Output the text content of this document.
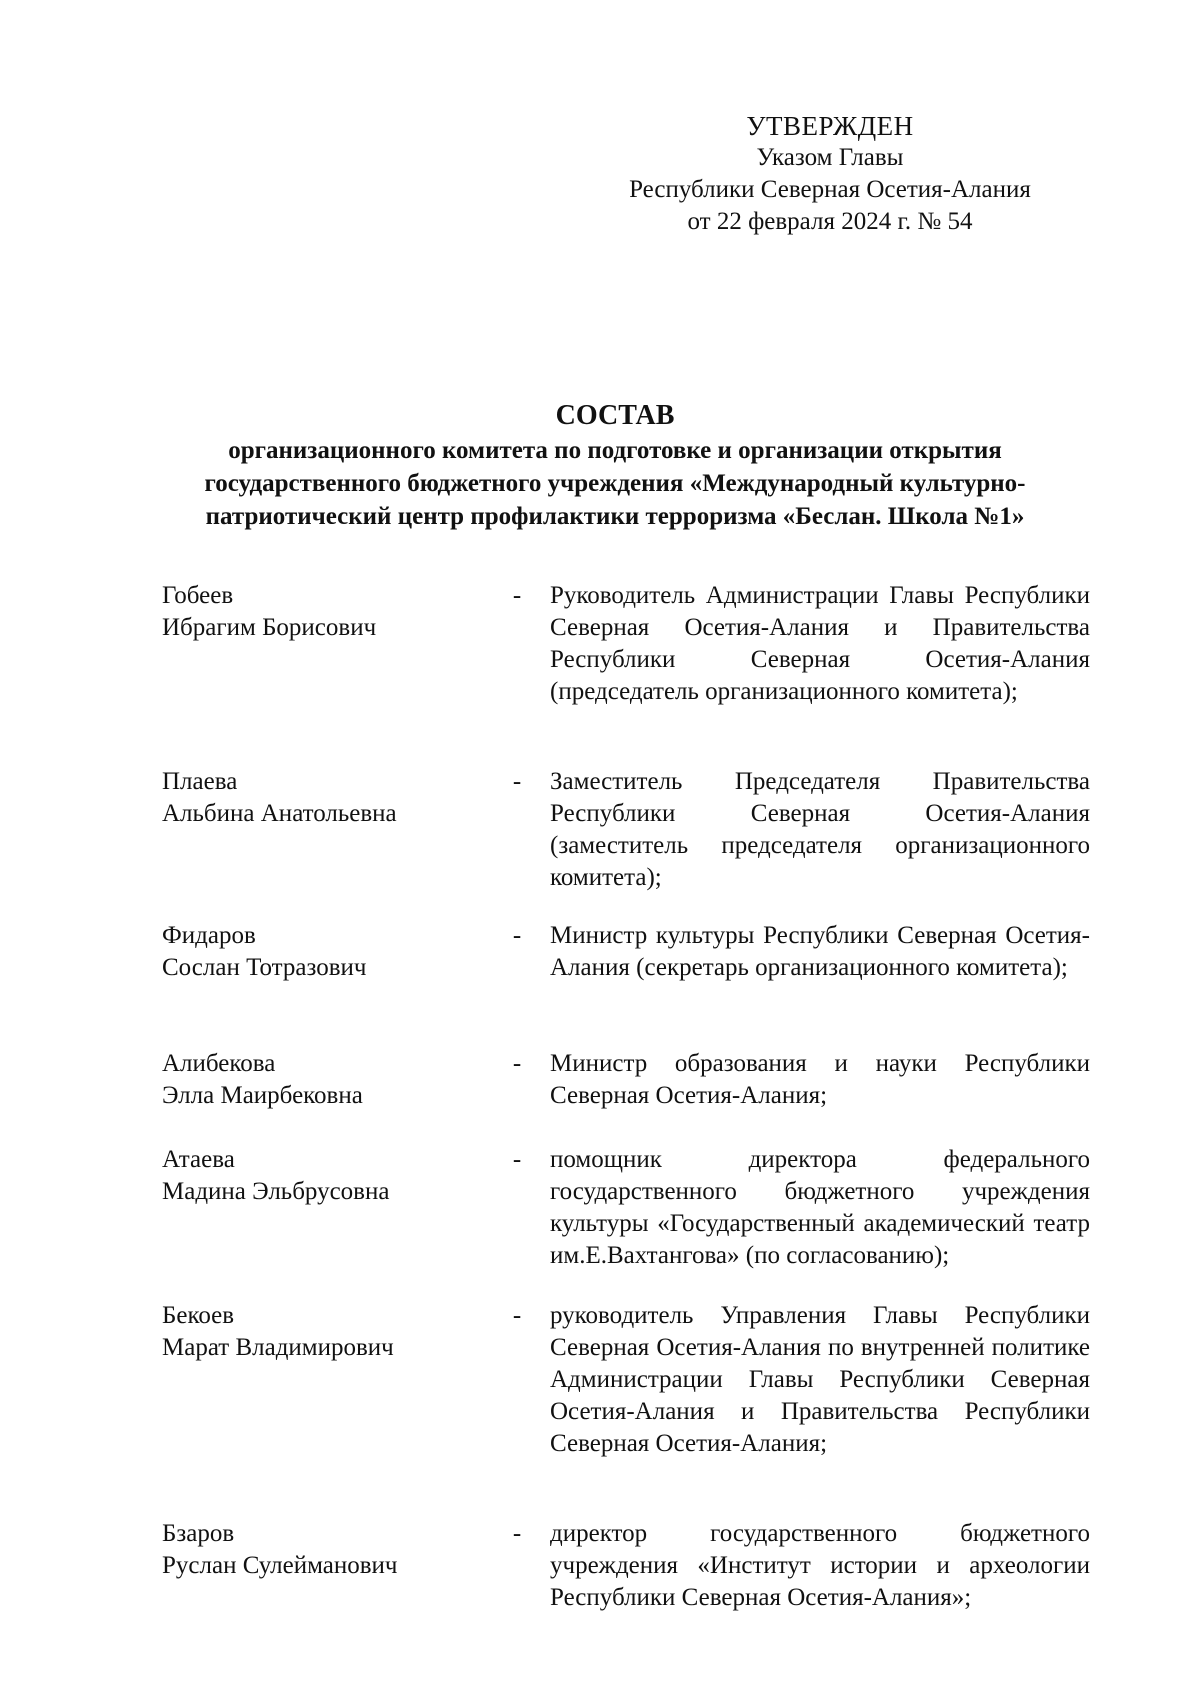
УТВЕРЖДЕН
Указом Главы
Республики Северная Осетия-Алания
от 22 февраля 2024 г. № 54
СОСТАВ
организационного комитета по подготовке и организации открытия
государственного бюджетного учреждения «Международный культурно-
патриотический центр профилактики терроризма «Беслан. Школа №1»
Гобеев
Ибрагим Борисович
-	Руководитель Администрации Главы Республики Северная Осетия-Алания и Правительства Республики Северная Осетия-Алания (председатель организационного комитета);
Плаева
Альбина Анатольевна
-	Заместитель Председателя Правительства Республики Северная Осетия-Алания (заместитель председателя организационного комитета);
Фидаров
Сослан Тотразович
-	Министр культуры Республики Северная Осетия-Алания (секретарь организационного комитета);
Алибекова
Элла Маирбековна
-	Министр образования и науки Республики Северная Осетия-Алания;
Атаева
Мадина Эльбрусовна
-	помощник директора федерального государственного бюджетного учреждения культуры «Государственный академический театр им.Е.Вахтангова» (по согласованию);
Бекоев
Марат Владимирович
-	руководитель Управления Главы Республики Северная Осетия-Алания по внутренней политике Администрации Главы Республики Северная Осетия-Алания и Правительства Республики Северная Осетия-Алания;
Бзаров
Руслан Сулейманович
-	директор государственного бюджетного учреждения «Институт истории и археологии Республики Северная Осетия-Алания»;
